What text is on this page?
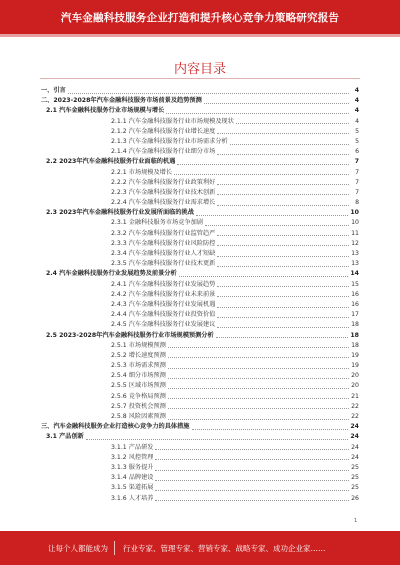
汽车金融科技服务企业打造和提升核心竞争力策略研究报告
内容目录
一、引言	4
二、2023-2028年汽车金融科技服务市场前景及趋势预测	4
2.1 汽车金融科技服务行业市场规模与增长	4
2.1.1 汽车金融科技服务行业市场规模及现状	4
2.1.2 汽车金融科技服务行业增长速度	5
2.1.3 汽车金融科技服务行业市场需求分析	5
2.1.4 汽车金融科技服务行业细分市场	6
2.2 2023年汽车金融科技服务行业面临的机遇	7
2.2.1 市场规模及增长	7
2.2.2 汽车金融科技服务行业政策利好	7
2.2.3 汽车金融科技服务行业技术创新	7
2.2.4 汽车金融科技服务行业需求增长	8
2.3 2023年汽车金融科技服务行业发展所面临的挑战	10
2.3.1 金融科技服务市场竞争加剧	10
2.3.2 汽车金融科技服务行业监管趋严	11
2.3.3 汽车金融科技服务行业风险防控	12
2.3.4 汽车金融科技服务行业人才短缺	13
2.3.5 汽车金融科技服务行业技术更新	13
2.4 汽车金融科技服务行业发展趋势及前景分析	14
2.4.1 汽车金融科技服务行业发展趋势	15
2.4.2 汽车金融科技服务行业未来前景	16
2.4.3 汽车金融科技服务行业发展机遇	16
2.4.4 汽车金融科技服务行业投资价值	17
2.4.5 汽车金融科技服务行业发展建议	18
2.5 2023-2028年汽车金融科技服务行业市场规模预测分析	18
2.5.1 市场规模预测	18
2.5.2 增长速度预测	19
2.5.3 市场需求预测	19
2.5.4 细分市场预测	20
2.5.5 区域市场预测	20
2.5.6 竞争格局预测	21
2.5.7 投资机会预测	22
2.5.8 风险因素预测	22
三、汽车金融科技服务企业打造核心竞争力的具体措施	24
3.1 产品创新	24
3.1.1 产品研发	24
3.1.2 风控管理	24
3.1.3 服务提升	25
3.1.4 品牌建设	25
3.1.5 渠道拓展	25
3.1.6 人才培养	26
1
让每个人都能成为 行业专家、管理专家、营销专家、战略专家、成功企业家……
